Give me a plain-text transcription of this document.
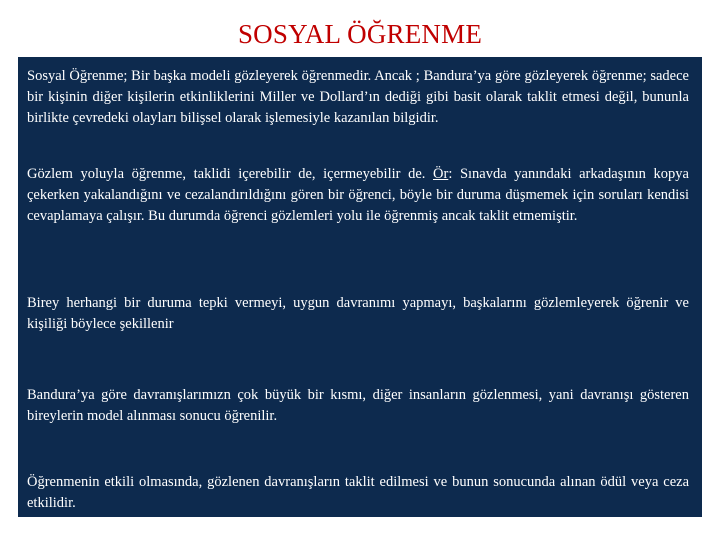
SOSYAL ÖĞRENME

Sosyal Öğrenme; Bir başka modeli gözleyerek öğrenmedir. Ancak ; Bandura’ya göre gözleyerek öğrenme; sadece bir kişinin diğer kişilerin etkinliklerini Miller ve Dollard’ın dediği gibi basit olarak taklit etmesi değil, bununla birlikte çevredeki olayları bilişsel olarak işlemesiyle kazanılan bilgidir.

Gözlem yoluyla öğrenme, taklidi içerebilir de, içermeyebilir de. Ör: Sınavda yanındaki arkadaşının kopya çekerken yakalandığını ve cezalandırıldığını gören bir öğrenci, böyle bir duruma düşmemek için soruları kendisi cevaplamaya çalışır. Bu durumda öğrenci gözlemleri yolu ile öğrenmiş ancak taklit etmemiştir.

Birey herhangi bir duruma tepki vermeyi, uygun davranımı yapmayı, başkalarını gözlemleyerek öğrenir ve kişiliği böylece şekillenir

Bandura’ya göre davranışlarımızn çok büyük bir kısmı, diğer insanların gözlenmesi, yani davranışı gösteren bireylerin model alınması sonucu öğrenilir.

Öğrenmenin etkili olmasında, gözlenen davranışların taklit edilmesi ve bunun sonucunda alınan ödül veya ceza etkilidir.
